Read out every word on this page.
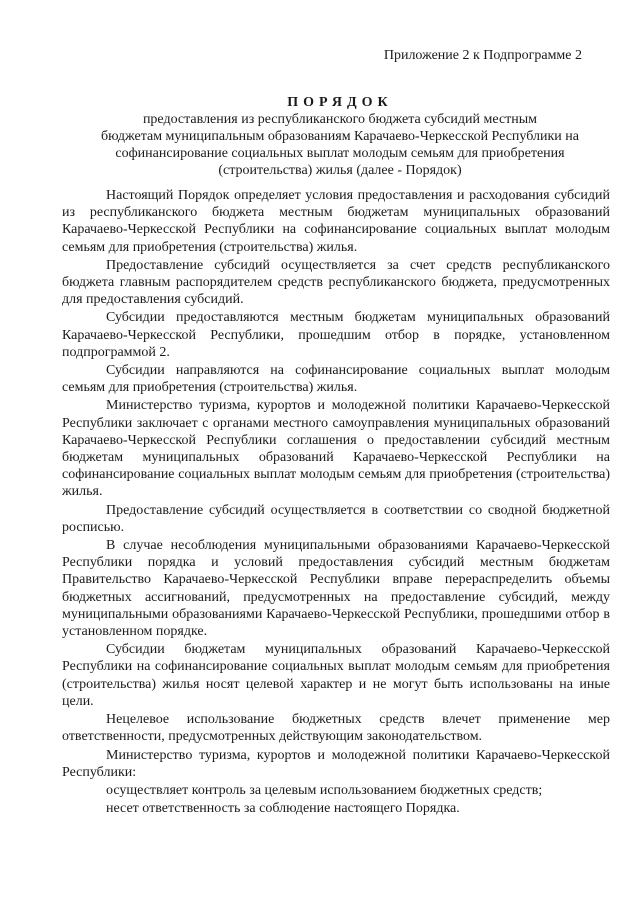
Приложение 2 к Подпрограмме 2
ПОРЯДОК
предоставления из республиканского бюджета субсидий местным
бюджетам муниципальным образованиям Карачаево-Черкесской Республики на
софинансирование социальных выплат молодым семьям для приобретения
(строительства) жилья (далее - Порядок)

Настоящий Порядок определяет условия предоставления и расходования субсидий из республиканского бюджета местным бюджетам муниципальных образований Карачаево-Черкесской Республики на софинансирование социальных выплат молодым семьям для приобретения (строительства) жилья.

Предоставление субсидий осуществляется за счет средств республиканского бюджета главным распорядителем средств республиканского бюджета, предусмотренных для предоставления субсидий.

Субсидии предоставляются местным бюджетам муниципальных образований Карачаево-Черкесской Республики, прошедшим отбор в порядке, установленном подпрограммой 2.

Субсидии направляются на софинансирование социальных выплат молодым семьям для приобретения (строительства) жилья.

Министерство туризма, курортов и молодежной политики Карачаево-Черкесской Республики заключает с органами местного самоуправления муниципальных образований Карачаево-Черкесской Республики соглашения о предоставлении субсидий местным бюджетам муниципальных образований Карачаево-Черкесской Республики на софинансирование социальных выплат молодым семьям для приобретения (строительства) жилья.

Предоставление субсидий осуществляется в соответствии со сводной бюджетной росписью.

В случае несоблюдения муниципальными образованиями Карачаево-Черкесской Республики порядка и условий предоставления субсидий местным бюджетам Правительство Карачаево-Черкесской Республики вправе перераспределить объемы бюджетных ассигнований, предусмотренных на предоставление субсидий, между муниципальными образованиями Карачаево-Черкесской Республики, прошедшими отбор в установленном порядке.

Субсидии бюджетам муниципальных образований Карачаево-Черкесской Республики на софинансирование социальных выплат молодым семьям для приобретения (строительства) жилья носят целевой характер и не могут быть использованы на иные цели.

Нецелевое использование бюджетных средств влечет применение мер ответственности, предусмотренных действующим законодательством.

Министерство туризма, курортов и молодежной политики Карачаево-Черкесской Республики:

осуществляет контроль за целевым использованием бюджетных средств;

несет ответственность за соблюдение настоящего Порядка.
